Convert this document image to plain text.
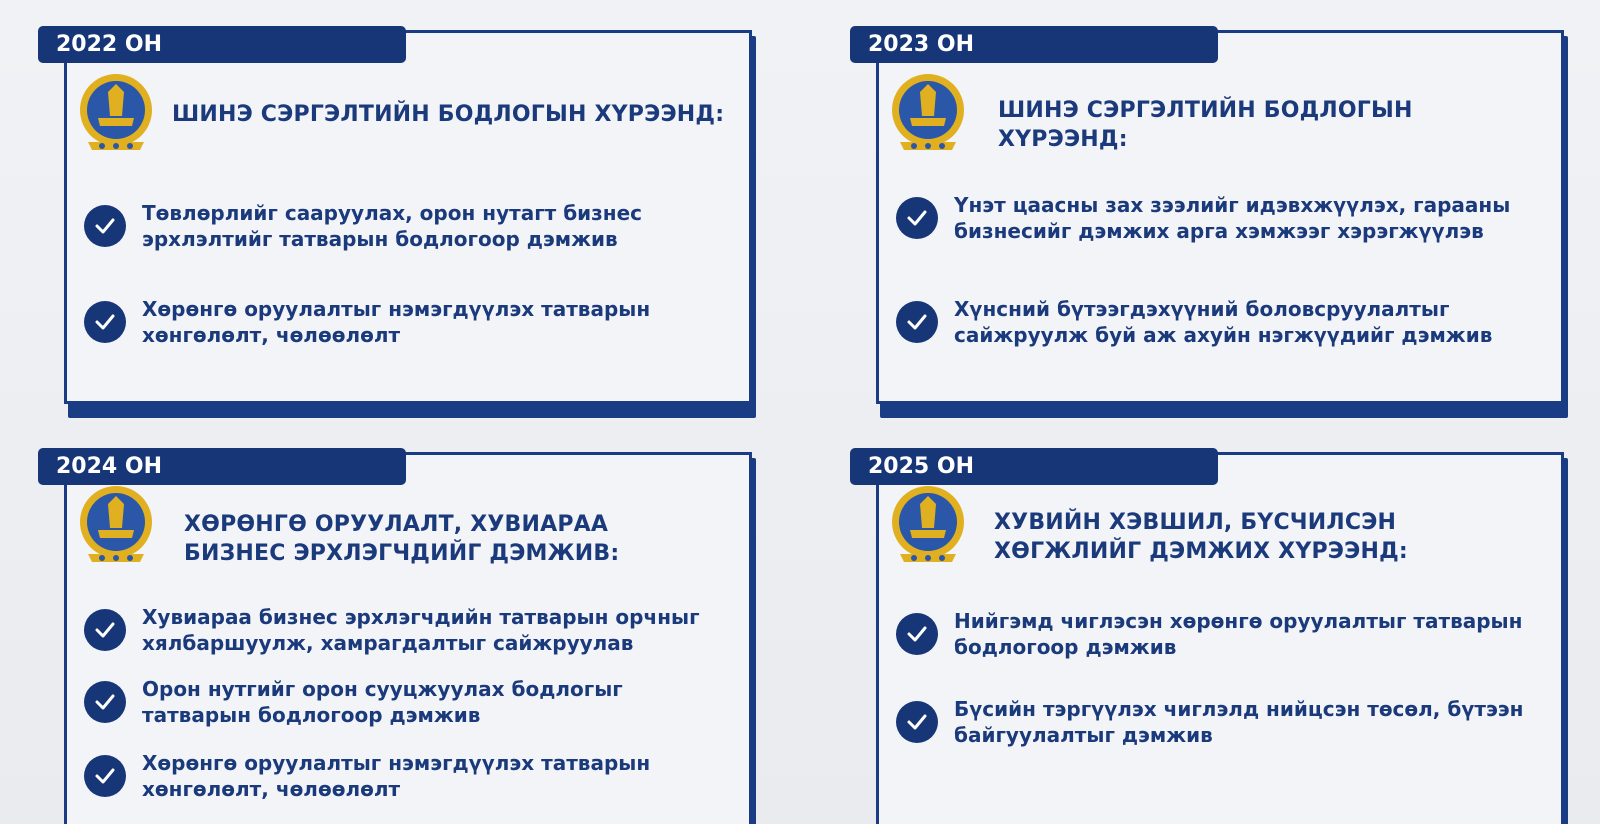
2022 ОН
ШИНЭ СЭРГЭЛТИЙН БОДЛОГЫН ХҮРЭЭНД:
Төвлөрлийг сааруулах, орон нутагт бизнес эрхлэлтийг татварын бодлогоор дэмжив
Хөрөнгө оруулалтыг нэмэгдүүлэх татварын хөнгөлөлт, чөлөөлөлт
2023 ОН
ШИНЭ СЭРГЭЛТИЙН БОДЛОГЫН ХҮРЭЭНД:
Үнэт цаасны зах зээлийг идэвхжүүлэх, гарааны бизнесийг дэмжих арга хэмжээг хэрэгжүүлэв
Хүнсний бүтээгдэхүүний боловсруулалтыг сайжруулж буй аж ахуйн нэгжүүдийг дэмжив
2024 ОН
ХӨРӨНГӨ ОРУУЛАЛТ, ХУВИАРАА БИЗНЕС ЭРХЛЭГЧДИЙГ ДЭМЖИВ:
Хувиараа бизнес эрхлэгчдийн татварын орчныг хялбаршуулж, хамрагдалтыг сайжруулав
Орон нутгийг орон сууцжуулах бодлогыг татварын бодлогоор дэмжив
Хөрөнгө оруулалтыг нэмэгдүүлэх татварын хөнгөлөлт, чөлөөлөлт
2025 ОН
ХУВИЙН ХЭВШИЛ, БҮСЧИЛСЭН ХӨГЖЛИЙГ ДЭМЖИХ ХҮРЭЭНД:
Нийгэмд чиглэсэн хөрөнгө оруулалтыг татварын бодлогоор дэмжив
Бүсийн тэргүүлэх чиглэлд нийцсэн төсөл, бүтээн байгуулалтыг дэмжив
